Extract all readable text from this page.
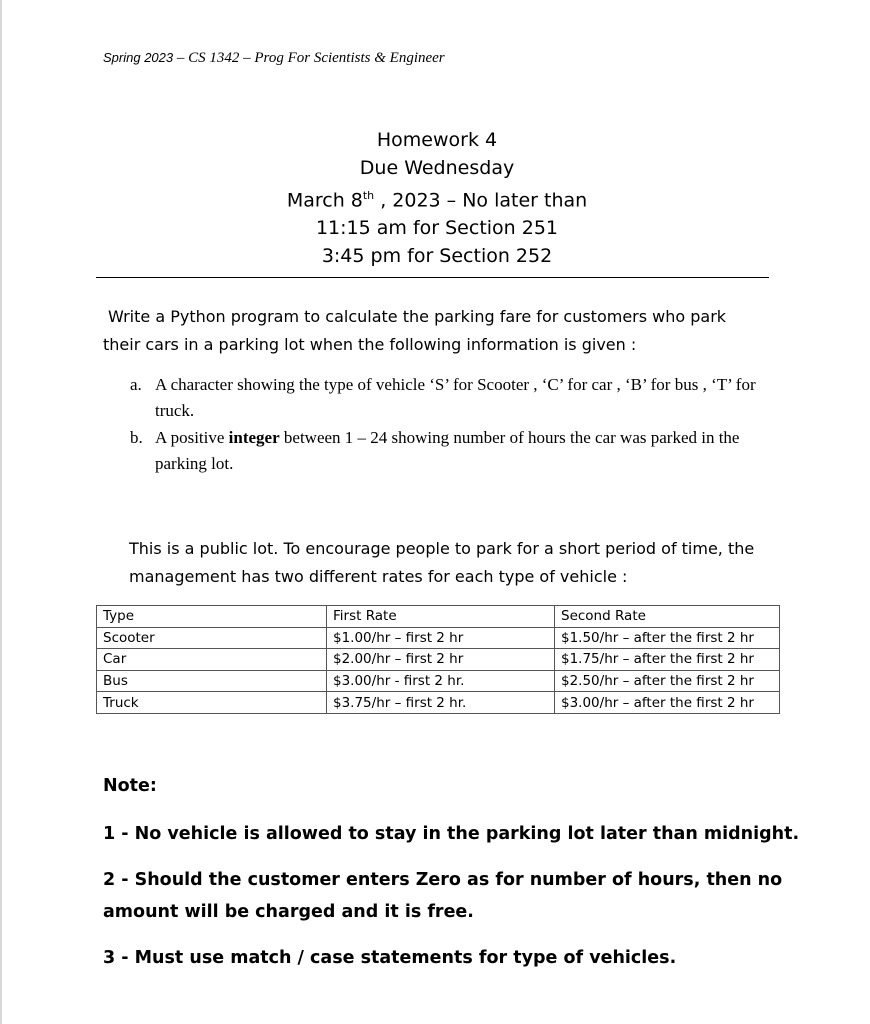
Spring 2023 – CS 1342 – Prog For Scientists & Engineer
Homework 4
Due Wednesday
March 8th , 2023 – No later than
11:15 am for Section 251
3:45 pm for Section 252
Write a Python program to calculate the parking fare for customers who park
their cars in a parking lot when the following information is given :
a. A character showing the type of vehicle ‘S’ for Scooter , ‘C’ for car , ‘B’ for bus , ‘T’ for truck.
b. A positive integer between 1 – 24 showing number of hours the car was parked in the parking lot.
This is a public lot. To encourage people to park for a short period of time, the
management has two different rates for each type of vehicle :
Type	First Rate	Second Rate
Scooter	$1.00/hr – first 2 hr	$1.50/hr – after the first 2 hr
Car	$2.00/hr – first 2 hr	$1.75/hr – after the first 2 hr
Bus	$3.00/hr - first 2 hr.	$2.50/hr – after the first 2 hr
Truck	$3.75/hr – first 2 hr.	$3.00/hr – after the first 2 hr

Note:

1 - No vehicle is allowed to stay in the parking lot later than midnight.

2 - Should the customer enters Zero as for number of hours, then no amount will be charged and it is free.

3 - Must use match / case statements for type of vehicles.
